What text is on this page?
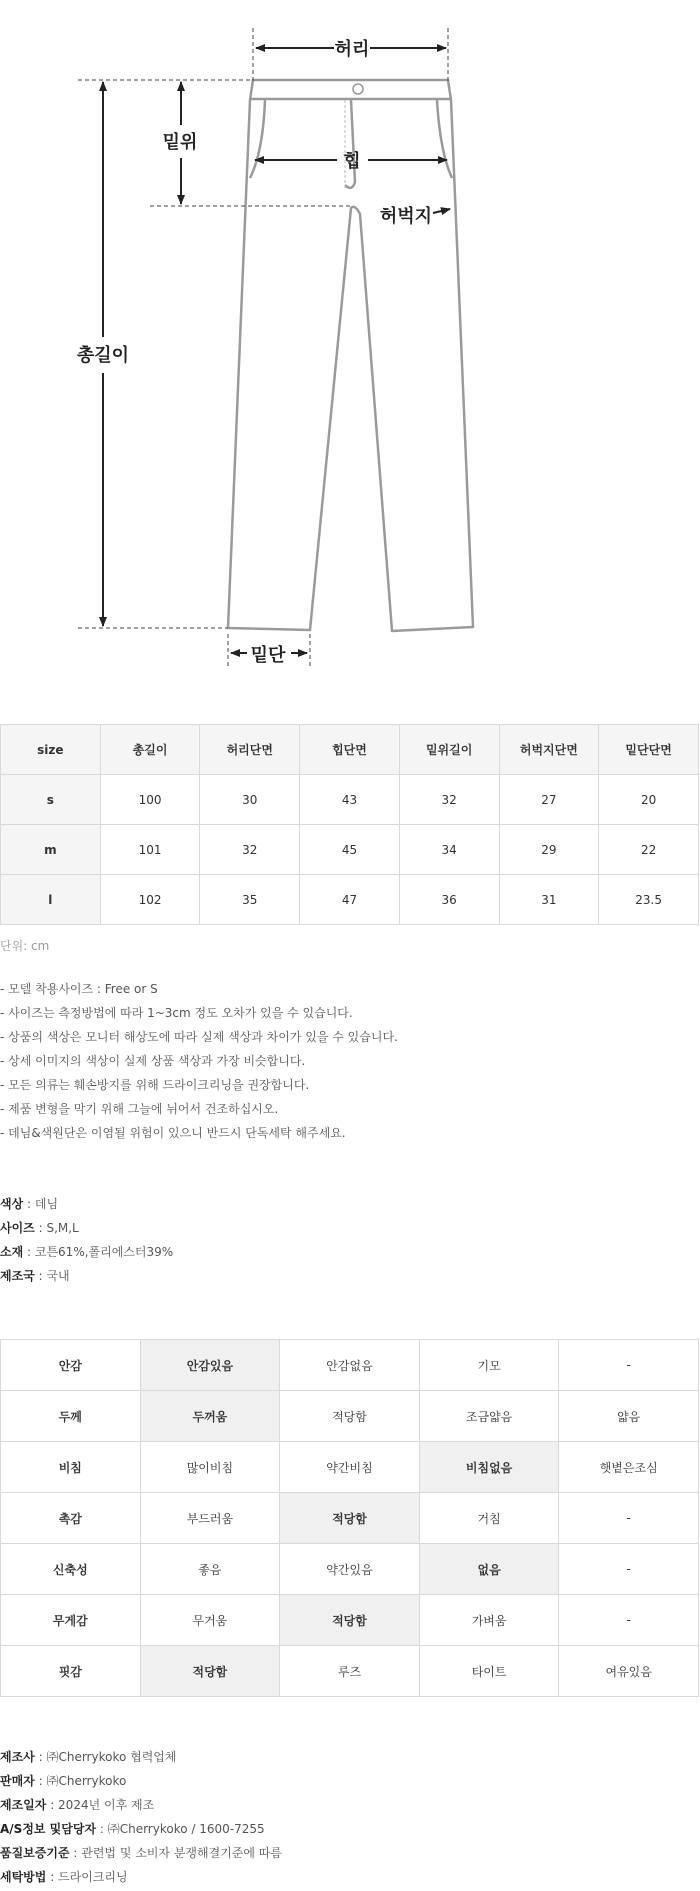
허리
밑위
힙
허벅지
총길이
밑단
size	총길이	허리단면	힙단면	밑위길이	허벅지단면	밑단단면
s	100	30	43	32	27	20
m	101	32	45	34	29	22
l	102	35	47	36	31	23.5
단위: cm
- 모델 착용사이즈 : Free or S
- 사이즈는 측정방법에 따라 1~3cm 정도 오차가 있을 수 있습니다.
- 상품의 색상은 모니터 해상도에 따라 실제 색상과 차이가 있을 수 있습니다.
- 상세 이미지의 색상이 실제 상품 색상과 가장 비슷합니다.
- 모든 의류는 훼손방지를 위해 드라이크리닝을 권장합니다.
- 제품 변형을 막기 위해 그늘에 뉘어서 건조하십시오.
- 데님&색원단은 이염될 위험이 있으니 반드시 단독세탁 해주세요.
색상 : 데님
사이즈 : S,M,L
소재 : 코튼61%,폴리에스터39%
제조국 : 국내
안감	안감있음	안감없음	기모	-
두께	두꺼움	적당함	조금얇음	얇음
비침	많이비침	약간비침	비침없음	햇볕은조심
촉감	부드러움	적당함	거침	-
신축성	좋음	약간있음	없음	-
무게감	무거움	적당함	가벼움	-
핏감	적당함	루즈	타이트	여유있음
제조사 : ㈜Cherrykoko 협력업체
판매자 : ㈜Cherrykoko
제조일자 : 2024년 이후 제조
A/S정보 및담당자 : ㈜Cherrykoko / 1600-7255
품질보증기준 : 관련법 및 소비자 분쟁해결기준에 따름
세탁방법 : 드라이크리닝
